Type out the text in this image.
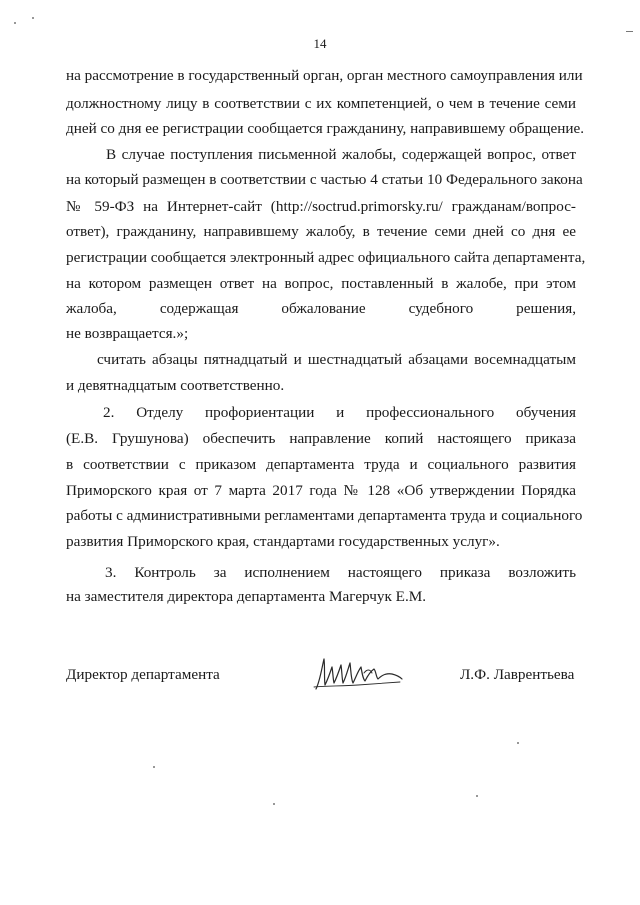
14
на рассмотрение в государственный орган, орган местного самоуправления или
должностному лицу в соответствии с их компетенцией, о чем в течение семи
дней со дня ее регистрации сообщается гражданину, направившему обращение.
В случае поступления письменной жалобы, содержащей вопрос, ответ
на который размещен в соответствии с частью 4 статьи 10 Федерального закона
№ 59-ФЗ на Интернет-сайт (http://soctrud.primorsky.ru/ гражданам/вопрос-
ответ), гражданину, направившему жалобу, в течение семи дней со дня ее
регистрации сообщается электронный адрес официального сайта департамента,
на котором размещен ответ на вопрос, поставленный в жалобе, при этом
жалоба, содержащая обжалование судебного решения,
не возвращается.»;
считать абзацы пятнадцатый и шестнадцатый абзацами восемнадцатым
и девятнадцатым соответственно.
2. Отделу профориентации и профессионального обучения
(Е.В. Грушунова) обеспечить направление копий настоящего приказа
в соответствии с приказом департамента труда и социального развития
Приморского края от 7 марта 2017 года № 128 «Об утверждении Порядка
работы с административными регламентами департамента труда и социального
развития Приморского края, стандартами государственных услуг».
3. Контроль за исполнением настоящего приказа возложить
на заместителя директора департамента Магерчук Е.М.
Директор департамента	Л.Ф. Лаврентьева
